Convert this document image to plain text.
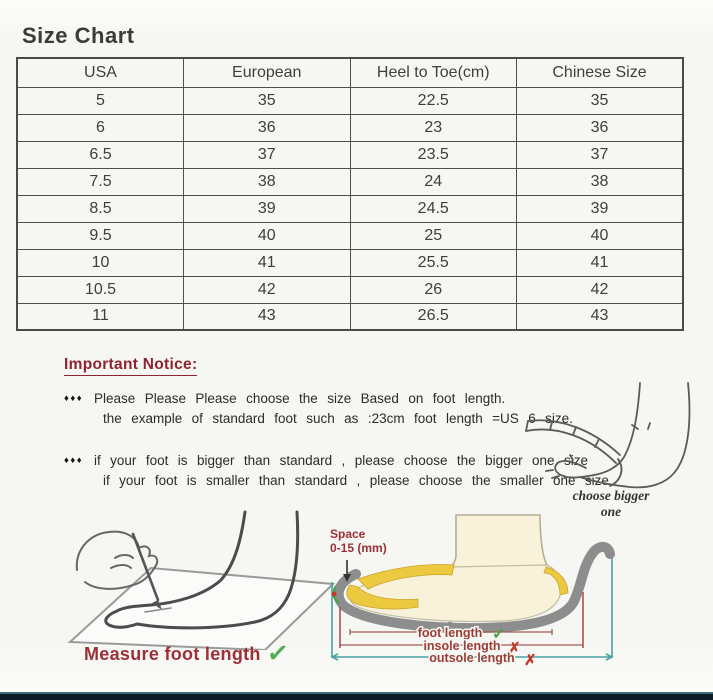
Size Chart
USA	European	Heel to Toe(cm)	Chinese Size
5	35	22.5	35
6	36	23	36
6.5	37	23.5	37
7.5	38	24	38
8.5	39	24.5	39
9.5	40	25	40
10	41	25.5	41
10.5	42	26	42
11	43	26.5	43
Important Notice:
♦♦♦ Please Please Please choose the size Based on foot length.
the example of standard foot such as :23cm foot length =US 6 size.
♦♦♦ if your foot is bigger than standard , please choose the bigger one size
if your foot is smaller than standard , please choose the smaller one size
choose bigger one
Measure foot length ✓
Space
0-15 (mm)
foot length ✓
insole length ✗
outsole length ✗
